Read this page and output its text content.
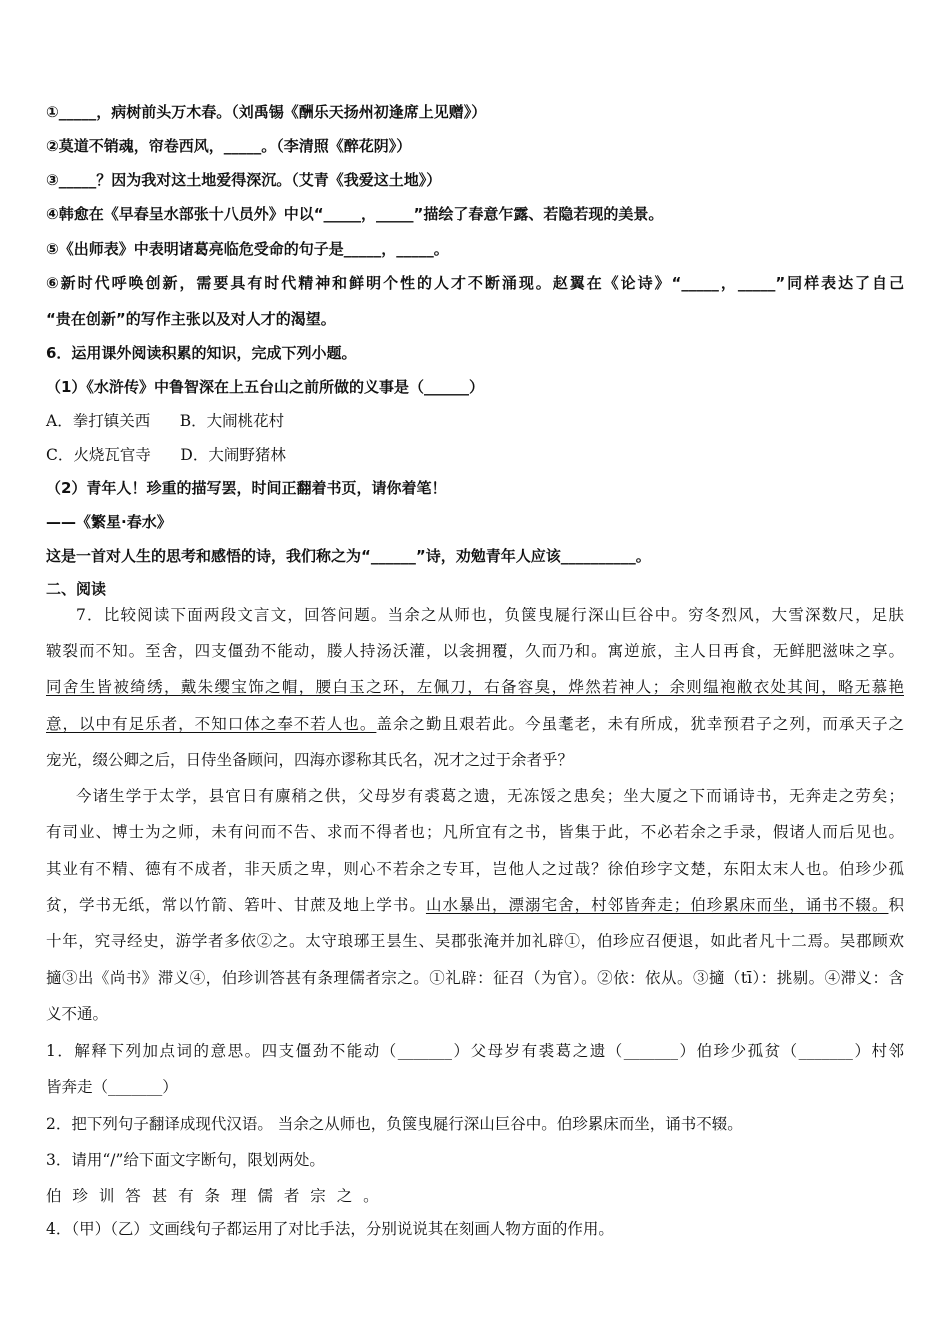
①_____，病树前头万木春。（刘禹锡《酬乐天扬州初逢席上见赠》）
②莫道不销魂，帘卷西风，_____。（李清照《醉花阴》）
③_____？因为我对这土地爱得深沉。（艾青《我爱这土地》）
④韩愈在《早春呈水部张十八员外》中以“_____，_____”描绘了春意乍露、若隐若现的美景。
⑤《出师表》中表明诸葛亮临危受命的句子是_____，_____。
⑥新时代呼唤创新，需要具有时代精神和鲜明个性的人才不断涌现。赵翼在《论诗》“_____，_____”同样表达了自己
“贵在创新”的写作主张以及对人才的渴望。
6．运用课外阅读积累的知识，完成下列小题。
（1）《水浒传》中鲁智深在上五台山之前所做的义事是（______）
A．拳打镇关西      B．大闹桃花村
C．火烧瓦官寺      D．大闹野猪林
（2）青年人！珍重的描写罢，时间正翻着书页，请你着笔！
——《繁星·春水》
这是一首对人生的思考和感悟的诗，我们称之为“______”诗，劝勉青年人应该__________。
二、阅读
7．比较阅读下面两段文言文，回答问题。当余之从师也，负箧曳屣行深山巨谷中。穷冬烈风，大雪深数尺，足肤
皲裂而不知。至舍，四支僵劲不能动，媵人持汤沃灌，以衾拥覆，久而乃和。寓逆旅，主人日再食，无鲜肥滋味之享。
同舍生皆被绮绣，戴朱缨宝饰之帽，腰白玉之环，左佩刀，右备容臭，烨然若神人；余则缊袍敝衣处其间，略无慕艳
意，以中有足乐者，不知口体之奉不若人也。盖余之勤且艰若此。今虽耄老，未有所成，犹幸预君子之列，而承天子之
宠光，缀公卿之后，日侍坐备顾问，四海亦谬称其氏名，况才之过于余者乎？
今诸生学于太学，县官日有廪稍之供，父母岁有裘葛之遗，无冻馁之患矣；坐大厦之下而诵诗书，无奔走之劳矣；
有司业、博士为之师，未有问而不告、求而不得者也；凡所宜有之书，皆集于此，不必若余之手录，假诸人而后见也。
其业有不精、德有不成者，非天质之卑，则心不若余之专耳，岂他人之过哉？徐伯珍字文楚，东阳太末人也。伯珍少孤
贫，学书无纸，常以竹箭、箬叶、甘蔗及地上学书。山水暴出，漂溺宅舍，村邻皆奔走；伯珍累床而坐，诵书不辍。积
十年，究寻经史，游学者多依②之。太守琅琊王昙生、吴郡张淹并加礼辟①，伯珍应召便退，如此者凡十二焉。吴郡顾欢
擿③出《尚书》滞义④，伯珍训答甚有条理儒者宗之。①礼辟：征召（为官）。②依：依从。③擿（tī）：挑剔。④滞义：含
义不通。
1．解释下列加点词的意思。四支僵劲不能动（_______）父母岁有裘葛之遗（_______）伯珍少孤贫（_______）村邻
皆奔走（_______）
2．把下列句子翻译成现代汉语。 当余之从师也，负箧曳屣行深山巨谷中。伯珍累床而坐，诵书不辍。
3．请用“/”给下面文字断句，限划两处。
伯 珍 训 答 甚 有 条 理 儒 者 宗 之 。
4．（甲）（乙）文画线句子都运用了对比手法，分别说说其在刻画人物方面的作用。
